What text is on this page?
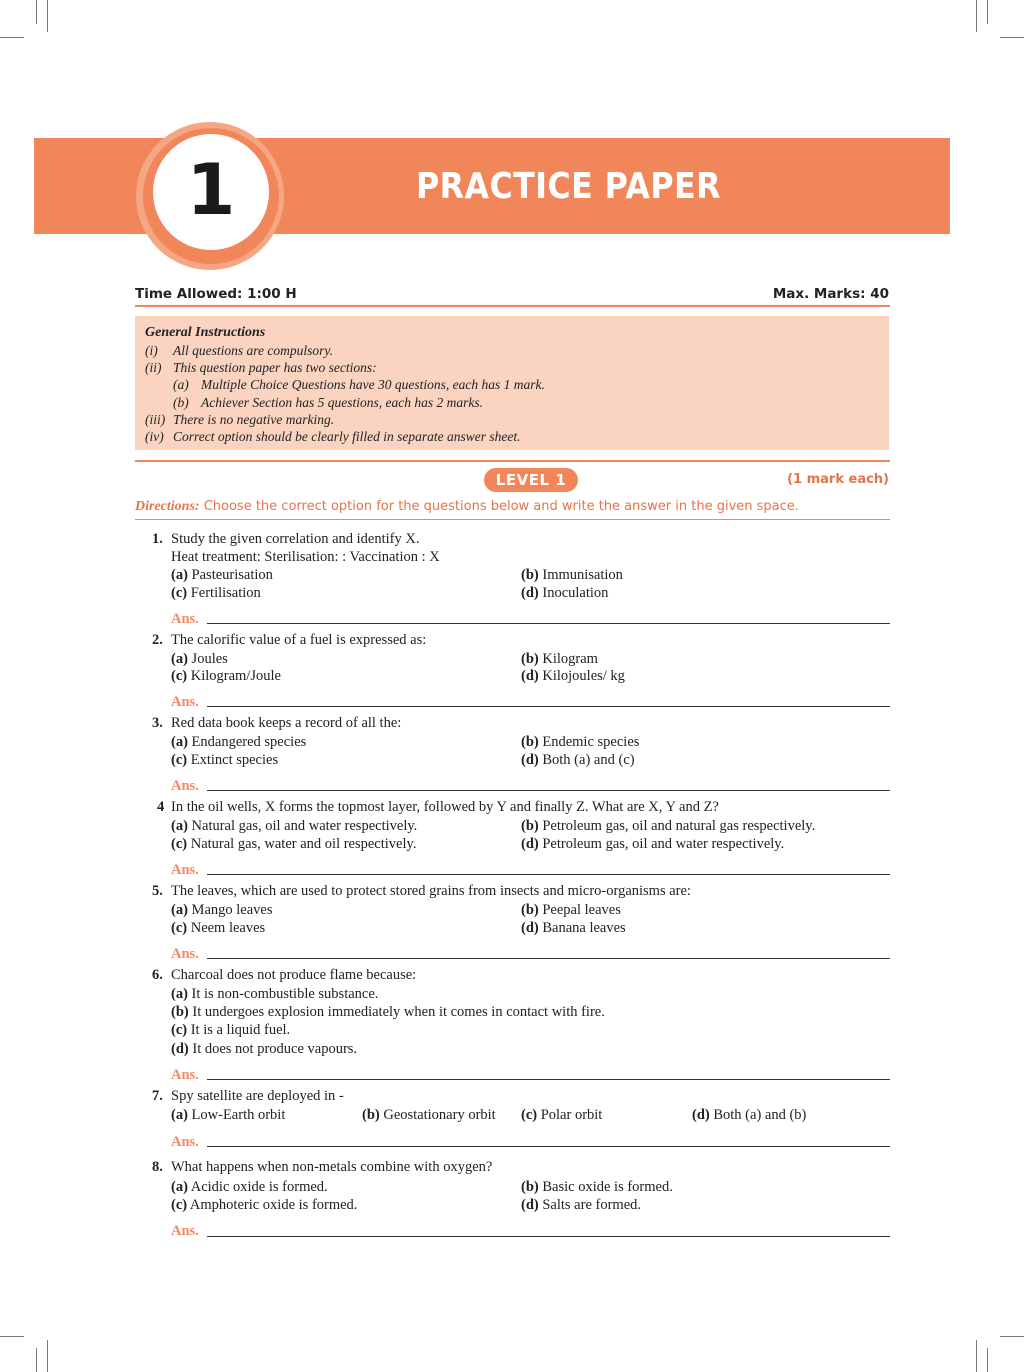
1	PRACTICE PAPER
Time Allowed: 1:00 H	Max. Marks: 40
General Instructions
(i) All questions are compulsory.
(ii) This question paper has two sections:
(a) Multiple Choice Questions have 30 questions, each has 1 mark.
(b) Achiever Section has 5 questions, each has 2 marks.
(iii) There is no negative marking.
(iv) Correct option should be clearly filled in separate answer sheet.
LEVEL 1	(1 mark each)
Directions: Choose the correct option for the questions below and write the answer in the given space.
1. Study the given correlation and identify X.
Heat treatment: Sterilisation: : Vaccination : X
(a) Pasteurisation	(b) Immunisation
(c) Fertilisation	(d) Inoculation
Ans.
2. The calorific value of a fuel is expressed as:
(a) Joules	(b) Kilogram
(c) Kilogram/Joule	(d) Kilojoules/ kg
Ans.
3. Red data book keeps a record of all the:
(a) Endangered species	(b) Endemic species
(c) Extinct species	(d) Both (a) and (c)
Ans.
4 In the oil wells, X forms the topmost layer, followed by Y and finally Z. What are X, Y and Z?
(a) Natural gas, oil and water respectively.	(b) Petroleum gas, oil and natural gas respectively.
(c) Natural gas, water and oil respectively.	(d) Petroleum gas, oil and water respectively.
Ans.
5. The leaves, which are used to protect stored grains from insects and micro-organisms are:
(a) Mango leaves	(b) Peepal leaves
(c) Neem leaves	(d) Banana leaves
Ans.
6. Charcoal does not produce flame because:
(a) It is non-combustible substance.
(b) It undergoes explosion immediately when it comes in contact with fire.
(c) It is a liquid fuel.
(d) It does not produce vapours.
Ans.
7. Spy satellite are deployed in -
(a) Low-Earth orbit	(b) Geostationary orbit (c) Polar orbit	(d) Both (a) and (b)
Ans.
8. What happens when non-metals combine with oxygen?
(a) Acidic oxide is formed.	(b) Basic oxide is formed.
(c) Amphoteric oxide is formed.	(d) Salts are formed.
Ans.
